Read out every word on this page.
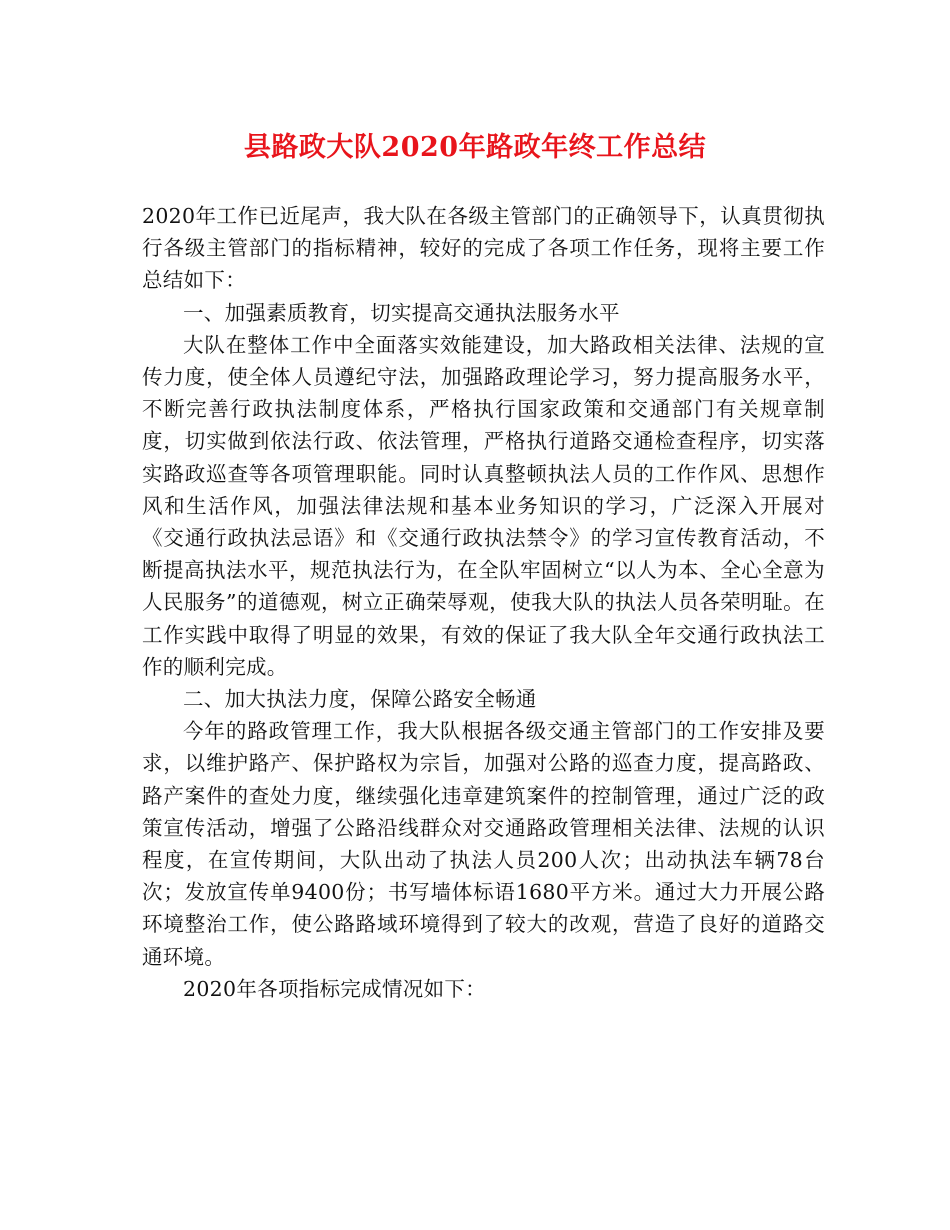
县路政大队2020年路政年终工作总结

2020年工作已近尾声，我大队在各级主管部门的正确领导下，认真贯彻执行各级主管部门的指标精神，较好的完成了各项工作任务，现将主要工作总结如下：

一、加强素质教育，切实提高交通执法服务水平

大队在整体工作中全面落实效能建设，加大路政相关法律、法规的宣传力度，使全体人员遵纪守法，加强路政理论学习，努力提高服务水平，不断完善行政执法制度体系，严格执行国家政策和交通部门有关规章制度，切实做到依法行政、依法管理，严格执行道路交通检查程序，切实落实路政巡查等各项管理职能。同时认真整顿执法人员的工作作风、思想作风和生活作风，加强法律法规和基本业务知识的学习，广泛深入开展对《交通行政执法忌语》和《交通行政执法禁令》的学习宣传教育活动，不断提高执法水平，规范执法行为，在全队牢固树立“以人为本、全心全意为人民服务”的道德观，树立正确荣辱观，使我大队的执法人员各荣明耻。在工作实践中取得了明显的效果，有效的保证了我大队全年交通行政执法工作的顺利完成。

二、加大执法力度，保障公路安全畅通

今年的路政管理工作，我大队根据各级交通主管部门的工作安排及要求，以维护路产、保护路权为宗旨，加强对公路的巡查力度，提高路政、路产案件的查处力度，继续强化违章建筑案件的控制管理，通过广泛的政策宣传活动，增强了公路沿线群众对交通路政管理相关法律、法规的认识程度，在宣传期间，大队出动了执法人员200人次；出动执法车辆78台次；发放宣传单9400份；书写墙体标语1680平方米。通过大力开展公路环境整治工作，使公路路域环境得到了较大的改观，营造了良好的道路交通环境。

2020年各项指标完成情况如下：
